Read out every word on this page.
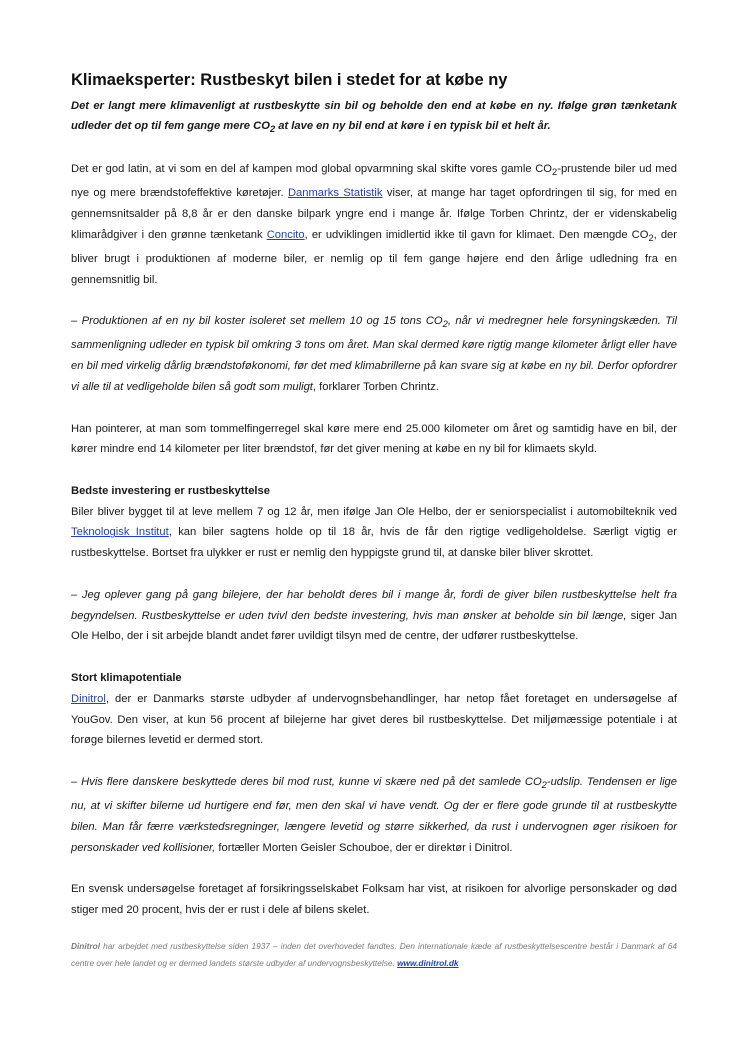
Klimaeksperter: Rustbeskyt bilen i stedet for at købe ny
Det er langt mere klimavenligt at rustbeskytte sin bil og beholde den end at købe en ny. Ifølge grøn tænketank udleder det op til fem gange mere $CO_2$ at lave en ny bil end at køre i en typisk bil et helt år.

Det er god latin, at vi som en del af kampen mod global opvarmning skal skifte vores gamle $CO_2$-prustende biler ud med nye og mere brændstofeffektive køretøjer. Danmarks Statistik viser, at mange har taget opfordringen til sig, for med en gennemsnitsalder på 8,8 år er den danske bilpark yngre end i mange år. Ifølge Torben Chrintz, der er videnskabelig klimarådgiver i den grønne tænketank Concito, er udviklingen imidlertid ikke til gavn for klimaet. Den mængde $CO_2$, der bliver brugt i produktionen af moderne biler, er nemlig op til fem gange højere end den årlige udledning fra en gennemsnitlig bil.

– Produktionen af en ny bil koster isoleret set mellem 10 og 15 tons $CO_2$, når vi medregner hele forsyningskæden. Til sammenligning udleder en typisk bil omkring 3 tons om året. Man skal dermed køre rigtig mange kilometer årligt eller have en bil med virkelig dårlig brændstoføkonomi, før det med klimabrillerne på kan svare sig at købe en ny bil. Derfor opfordrer vi alle til at vedligeholde bilen så godt som muligt, forklarer Torben Chrintz.

Han pointerer, at man som tommelfingerregel skal køre mere end 25.000 kilometer om året og samtidig have en bil, der kører mindre end 14 kilometer per liter brændstof, før det giver mening at købe en ny bil for klimaets skyld.

Bedste investering er rustbeskyttelse

Biler bliver bygget til at leve mellem 7 og 12 år, men ifølge Jan Ole Helbo, der er seniorspecialist i automobilteknik ved Teknologisk Institut, kan biler sagtens holde op til 18 år, hvis de får den rigtige vedligeholdelse. Særligt vigtig er rustbeskyttelse. Bortset fra ulykker er rust er nemlig den hyppigste grund til, at danske biler bliver skrottet.

– Jeg oplever gang på gang bilejere, der har beholdt deres bil i mange år, fordi de giver bilen rustbeskyttelse helt fra begyndelsen. Rustbeskyttelse er uden tvivl den bedste investering, hvis man ønsker at beholde sin bil længe, siger Jan Ole Helbo, der i sit arbejde blandt andet fører uvildigt tilsyn med de centre, der udfører rustbeskyttelse.

Stort klimapotentiale

Dinitrol, der er Danmarks største udbyder af undervognsbehandlinger, har netop fået foretaget en undersøgelse af YouGov. Den viser, at kun 56 procent af bilejerne har givet deres bil rustbeskyttelse. Det miljømæssige potentiale i at forøge bilernes levetid er dermed stort.

– Hvis flere danskere beskyttede deres bil mod rust, kunne vi skære ned på det samlede $CO_2$-udslip. Tendensen er lige nu, at vi skifter bilerne ud hurtigere end før, men den skal vi have vendt. Og der er flere gode grunde til at rustbeskytte bilen. Man får færre værkstedsregninger, længere levetid og større sikkerhed, da rust i undervognen øger risikoen for personskader ved kollisioner, fortæller Morten Geisler Schouboe, der er direktør i Dinitrol.

En svensk undersøgelse foretaget af forsikringsselskabet Folksam har vist, at risikoen for alvorlige personskader og død stiger med 20 procent, hvis der er rust i dele af bilens skelet.

Dinitrol har arbejdet med rustbeskyttelse siden 1937 – inden det overhovedet fandtes. Den internationale kæde af rustbeskyttelsescentre består i Danmark af 64 centre over hele landet og er dermed landets største udbyder af undervognsbeskyttelse. www.dinitrol.dk
